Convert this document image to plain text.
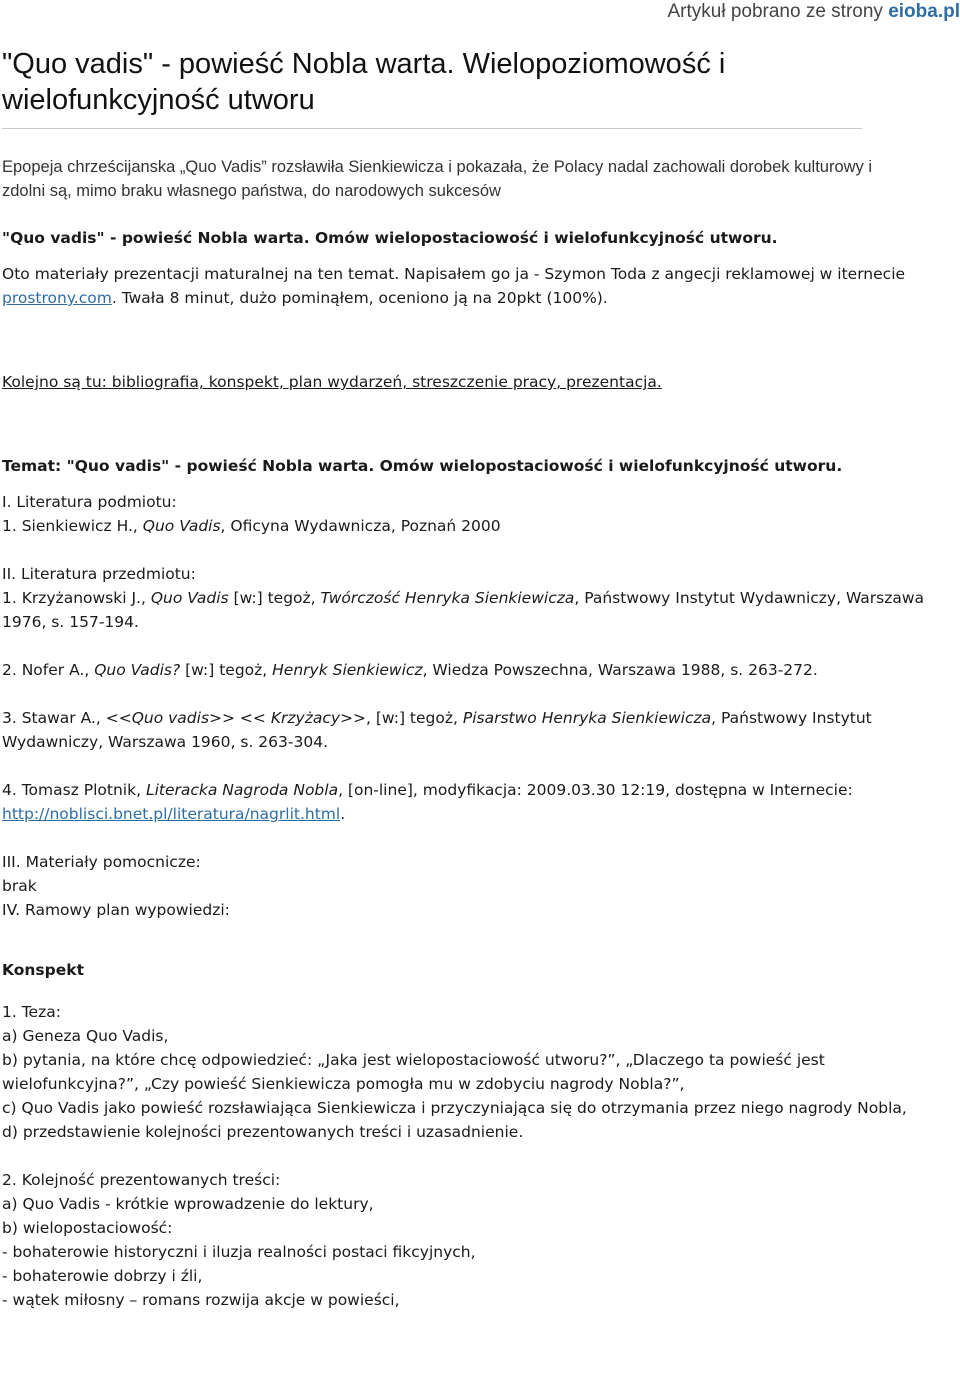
Artykuł pobrano ze strony eioba.pl
"Quo vadis" - powieść Nobla warta. Wielopoziomowość i wielofunkcyjność utworu
Epopeja chrześcijanska „Quo Vadis” rozsławiła Sienkiewicza i pokazała, że Polacy nadal zachowali dorobek kulturowy i zdolni są, mimo braku własnego państwa, do narodowych sukcesów

"Quo vadis" - powieść Nobla warta. Omów wielopostaciowość i wielofunkcyjność utworu.

Oto materiały prezentacji maturalnej na ten temat. Napisałem go ja - Szymon Toda z angecji reklamowej w iternecie prostrony.com. Twała 8 minut, dużo pominąłem, oceniono ją na 20pkt (100%).

Kolejno są tu: bibliografia, konspekt, plan wydarzeń, streszczenie pracy, prezentacja.

Temat: "Quo vadis" - powieść Nobla warta. Omów wielopostaciowość i wielofunkcyjność utworu.

I. Literatura podmiotu:

1. Sienkiewicz H., Quo Vadis, Oficyna Wydawnicza, Poznań 2000

II. Literatura przedmiotu:

1. Krzyżanowski J., Quo Vadis [w:] tegoż, Twórczość Henryka Sienkiewicza, Państwowy Instytut Wydawniczy, Warszawa 1976, s. 157-194.

2. Nofer A., Quo Vadis? [w:] tegoż, Henryk Sienkiewicz, Wiedza Powszechna, Warszawa 1988, s. 263-272.

3. Stawar A., <<Quo vadis>> << Krzyżacy>>, [w:] tegoż, Pisarstwo Henryka Sienkiewicza, Państwowy Instytut Wydawniczy, Warszawa 1960, s. 263-304.

4. Tomasz Plotnik, Literacka Nagroda Nobla, [on-line], modyfikacja: 2009.03.30 12:19, dostępna w Internecie: http://noblisci.bnet.pl/literatura/nagrlit.html.

III. Materiały pomocnicze:

brak

IV. Ramowy plan wypowiedzi:

Konspekt

1. Teza:

a) Geneza Quo Vadis,

b) pytania, na które chcę odpowiedzieć: „Jaka jest wielopostaciowość utworu?”, „Dlaczego ta powieść jest wielofunkcyjna?”, „Czy powieść Sienkiewicza pomogła mu w zdobyciu nagrody Nobla?”,

c) Quo Vadis jako powieść rozsławiająca Sienkiewicza i przyczyniająca się do otrzymania przez niego nagrody Nobla,

d) przedstawienie kolejności prezentowanych treści i uzasadnienie.

2. Kolejność prezentowanych treści:

a) Quo Vadis - krótkie wprowadzenie do lektury,

b) wielopostaciowość:

- bohaterowie historyczni i iluzja realności postaci fikcyjnych,

- bohaterowie dobrzy i źli,

- wątek miłosny – romans rozwija akcje w powieści,
